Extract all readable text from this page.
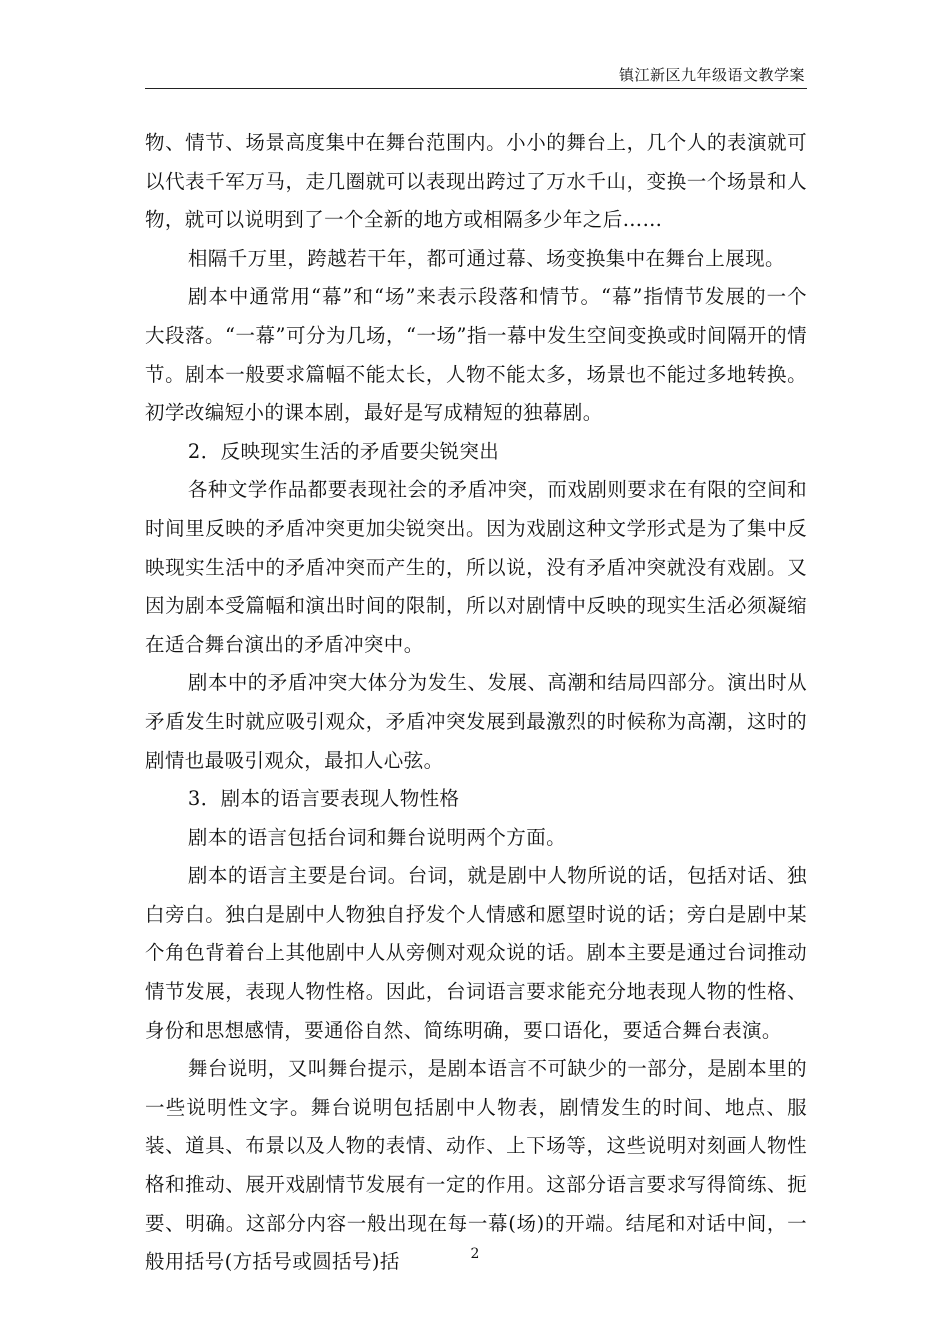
镇江新区九年级语文教学案

物、情节、场景高度集中在舞台范围内。小小的舞台上，几个人的表演就可以代表千军万马，走几圈就可以表现出跨过了万水千山，变换一个场景和人物，就可以说明到了一个全新的地方或相隔多少年之后……

相隔千万里，跨越若干年，都可通过幕、场变换集中在舞台上展现。

剧本中通常用“幕”和“场”来表示段落和情节。“幕”指情节发展的一个大段落。“一幕”可分为几场，“一场”指一幕中发生空间变换或时间隔开的情节。剧本一般要求篇幅不能太长，人物不能太多，场景也不能过多地转换。初学改编短小的课本剧，最好是写成精短的独幕剧。

2．反映现实生活的矛盾要尖锐突出

各种文学作品都要表现社会的矛盾冲突，而戏剧则要求在有限的空间和时间里反映的矛盾冲突更加尖锐突出。因为戏剧这种文学形式是为了集中反映现实生活中的矛盾冲突而产生的，所以说，没有矛盾冲突就没有戏剧。又因为剧本受篇幅和演出时间的限制，所以对剧情中反映的现实生活必须凝缩在适合舞台演出的矛盾冲突中。

剧本中的矛盾冲突大体分为发生、发展、高潮和结局四部分。演出时从矛盾发生时就应吸引观众，矛盾冲突发展到最激烈的时候称为高潮，这时的剧情也最吸引观众，最扣人心弦。

3．剧本的语言要表现人物性格

剧本的语言包括台词和舞台说明两个方面。

剧本的语言主要是台词。台词，就是剧中人物所说的话，包括对话、独白旁白。独白是剧中人物独自抒发个人情感和愿望时说的话；旁白是剧中某个角色背着台上其他剧中人从旁侧对观众说的话。剧本主要是通过台词推动情节发展，表现人物性格。因此，台词语言要求能充分地表现人物的性格、身份和思想感情，要通俗自然、简练明确，要口语化，要适合舞台表演。

舞台说明，又叫舞台提示，是剧本语言不可缺少的一部分，是剧本里的一些说明性文字。舞台说明包括剧中人物表，剧情发生的时间、地点、服装、道具、布景以及人物的表情、动作、上下场等，这些说明对刻画人物性格和推动、展开戏剧情节发展有一定的作用。这部分语言要求写得简练、扼要、明确。这部分内容一般出现在每一幕(场)的开端。结尾和对话中间，一般用括号(方括号或圆括号)括	2
